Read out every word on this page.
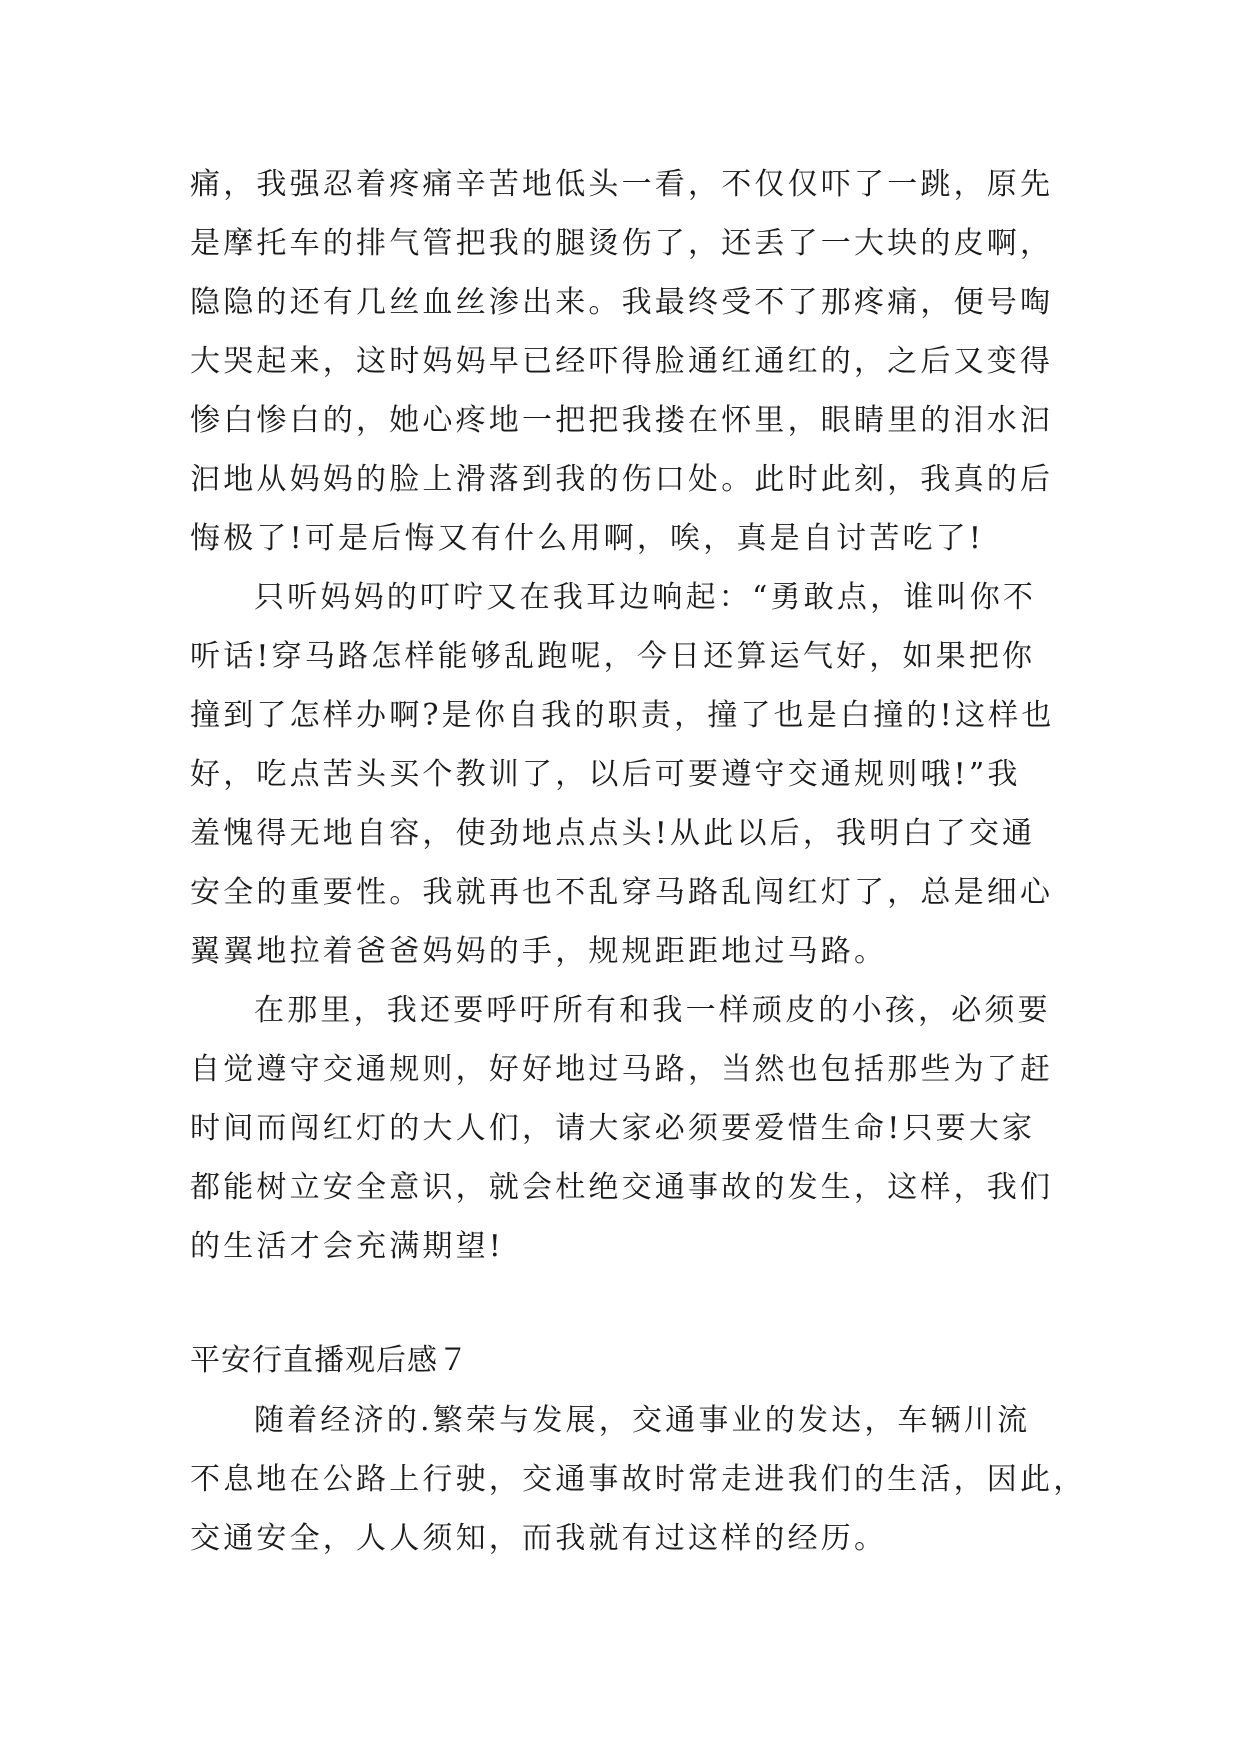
痛，我强忍着疼痛辛苦地低头一看，不仅仅吓了一跳，原先
是摩托车的排气管把我的腿烫伤了，还丢了一大块的皮啊，
隐隐的还有几丝血丝渗出来。我最终受不了那疼痛，便号啕
大哭起来，这时妈妈早已经吓得脸通红通红的，之后又变得
惨白惨白的，她心疼地一把把我搂在怀里，眼睛里的泪水汩
汩地从妈妈的脸上滑落到我的伤口处。此时此刻，我真的后
悔极了!可是后悔又有什么用啊，唉，真是自讨苦吃了!
只听妈妈的叮咛又在我耳边响起：“勇敢点，谁叫你不
听话!穿马路怎样能够乱跑呢，今日还算运气好，如果把你
撞到了怎样办啊?是你自我的职责，撞了也是白撞的!这样也
好，吃点苦头买个教训了，以后可要遵守交通规则哦!”我
羞愧得无地自容，使劲地点点头!从此以后，我明白了交通
安全的重要性。我就再也不乱穿马路乱闯红灯了，总是细心
翼翼地拉着爸爸妈妈的手，规规距距地过马路。
在那里，我还要呼吁所有和我一样顽皮的小孩，必须要
自觉遵守交通规则，好好地过马路，当然也包括那些为了赶
时间而闯红灯的大人们，请大家必须要爱惜生命!只要大家
都能树立安全意识，就会杜绝交通事故的发生，这样，我们
的生活才会充满期望!
平安行直播观后感７
随着经济的.繁荣与发展，交通事业的发达，车辆川流
不息地在公路上行驶，交通事故时常走进我们的生活，因此，
交通安全，人人须知，而我就有过这样的经历。
